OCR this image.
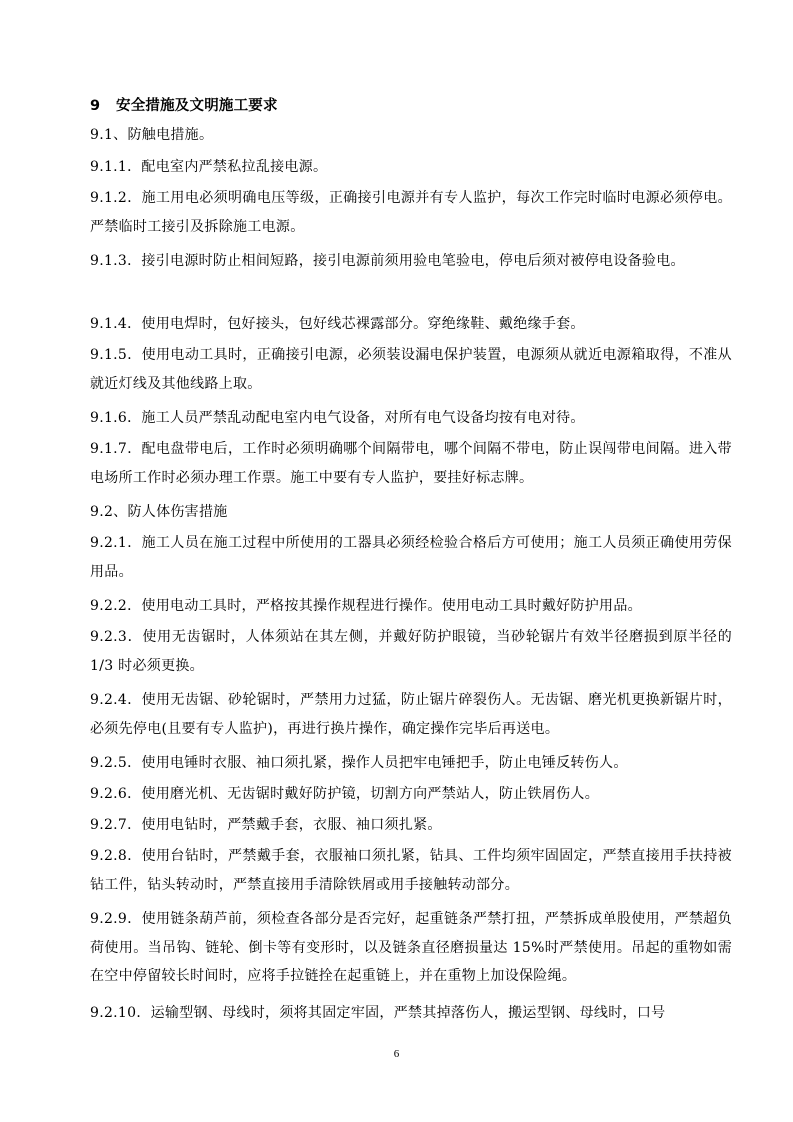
9 安全措施及文明施工要求
9.1、防触电措施。
9.1.1．配电室内严禁私拉乱接电源。
9.1.2．施工用电必须明确电压等级，正确接引电源并有专人监护，每次工作完时临时电源必须停电。严禁临时工接引及拆除施工电源。
9.1.3．接引电源时防止相间短路，接引电源前须用验电笔验电，停电后须对被停电设备验电。
9.1.4．使用电焊时，包好接头，包好线芯裸露部分。穿绝缘鞋、戴绝缘手套。
9.1.5．使用电动工具时，正确接引电源，必须装设漏电保护装置，电源须从就近电源箱取得，不准从就近灯线及其他线路上取。
9.1.6．施工人员严禁乱动配电室内电气设备，对所有电气设备均按有电对待。
9.1.7．配电盘带电后，工作时必须明确哪个间隔带电，哪个间隔不带电，防止误闯带电间隔。进入带电场所工作时必须办理工作票。施工中要有专人监护，要挂好标志牌。
9.2、防人体伤害措施
9.2.1．施工人员在施工过程中所使用的工器具必须经检验合格后方可使用；施工人员须正确使用劳保用品。
9.2.2．使用电动工具时，严格按其操作规程进行操作。使用电动工具时戴好防护用品。
9.2.3．使用无齿锯时，人体须站在其左侧，并戴好防护眼镜，当砂轮锯片有效半径磨损到原半径的 1/3 时必须更换。
9.2.4．使用无齿锯、砂轮锯时，严禁用力过猛，防止锯片碎裂伤人。无齿锯、磨光机更换新锯片时，必须先停电(且要有专人监护)，再进行换片操作，确定操作完毕后再送电。
9.2.5．使用电锤时衣服、袖口须扎紧，操作人员把牢电锤把手，防止电锤反转伤人。
9.2.6．使用磨光机、无齿锯时戴好防护镜，切割方向严禁站人，防止铁屑伤人。
9.2.7．使用电钻时，严禁戴手套，衣服、袖口须扎紧。
9.2.8．使用台钻时，严禁戴手套，衣服袖口须扎紧，钻具、工件均须牢固固定，严禁直接用手扶持被钻工件，钻头转动时，严禁直接用手清除铁屑或用手接触转动部分。
9.2.9．使用链条葫芦前，须检查各部分是否完好，起重链条严禁打扭，严禁拆成单股使用，严禁超负荷使用。当吊钩、链轮、倒卡等有变形时，以及链条直径磨损量达 15%时严禁使用。吊起的重物如需在空中停留较长时间时，应将手拉链拴在起重链上，并在重物上加设保险绳。
9.2.10．运输型钢、母线时，须将其固定牢固，严禁其掉落伤人，搬运型钢、母线时，口号
6
